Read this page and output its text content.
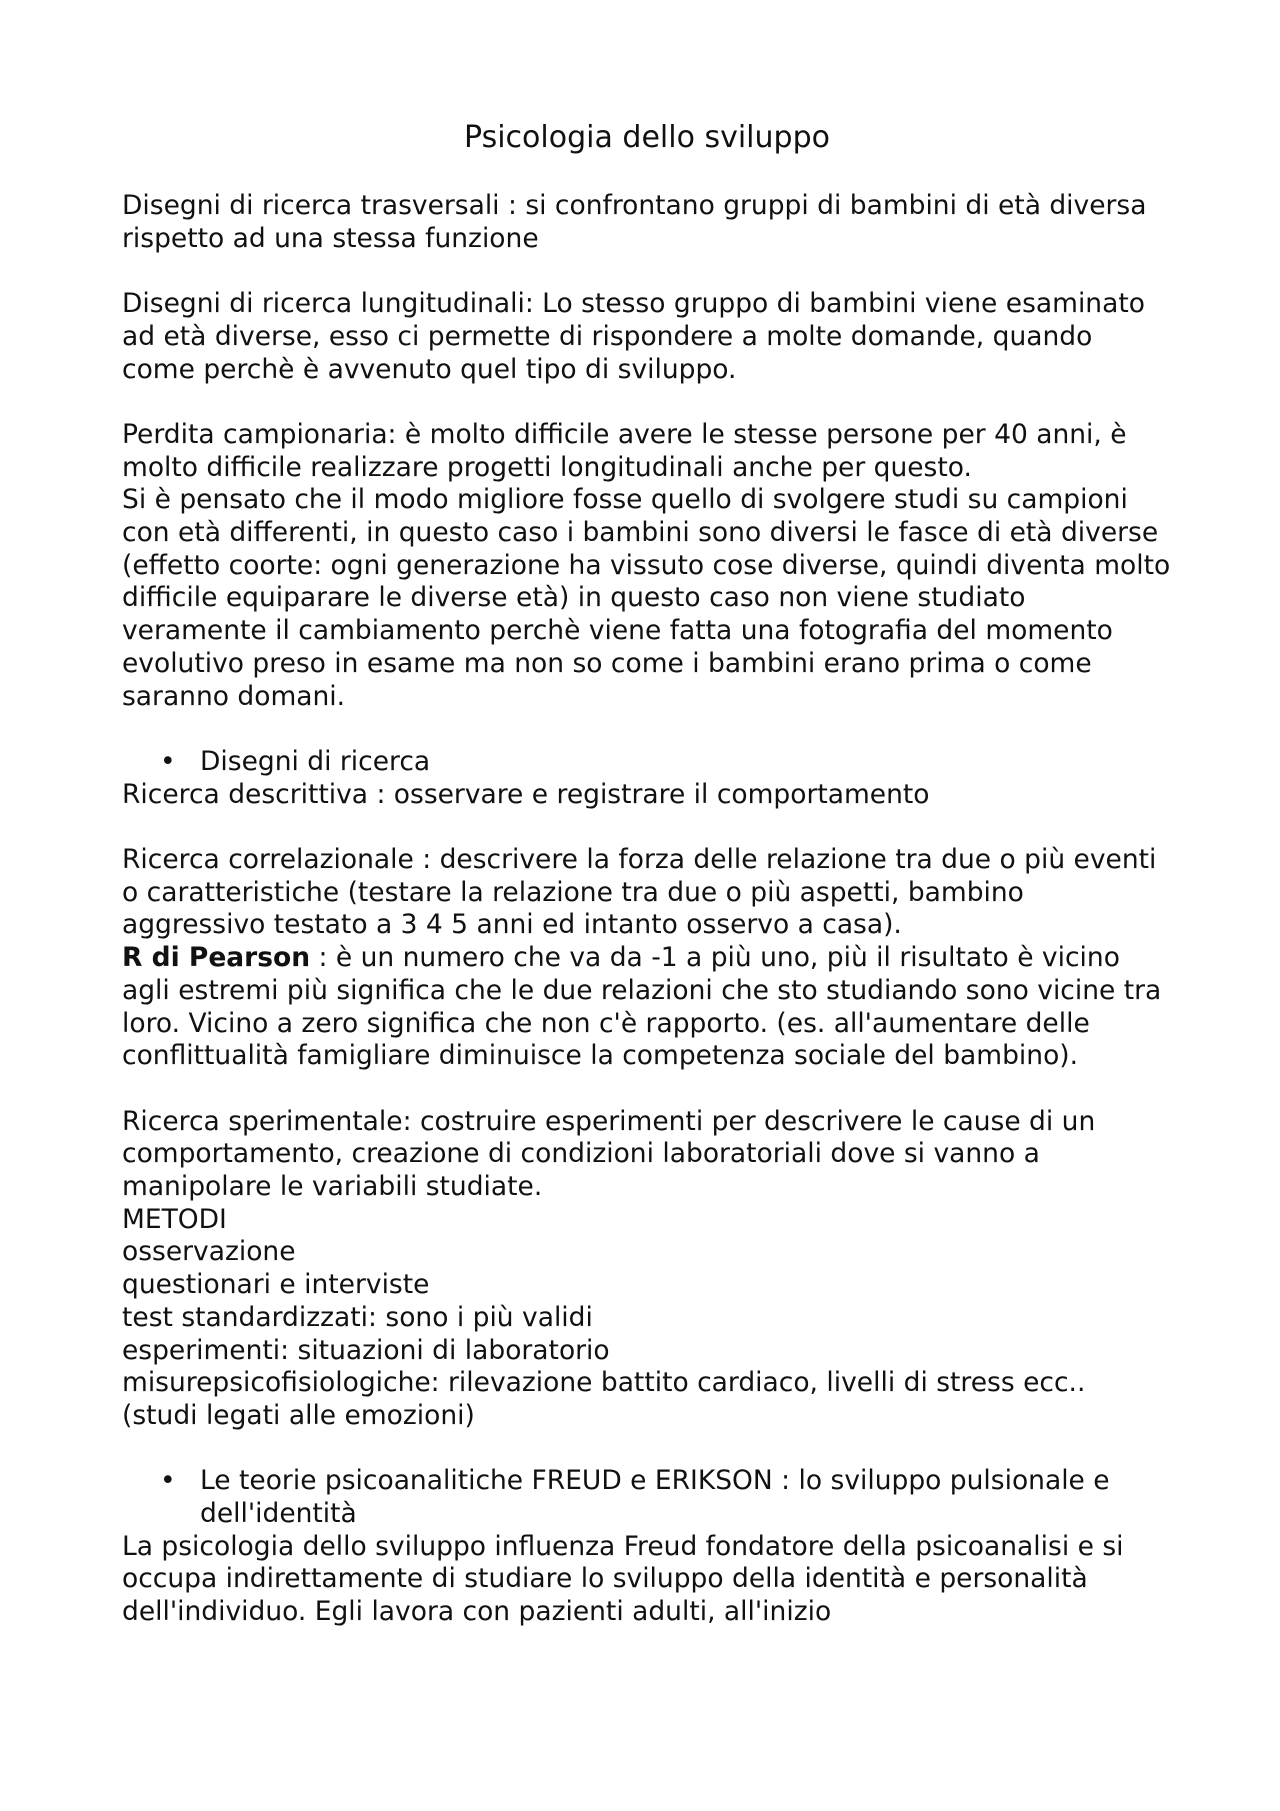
Psicologia dello sviluppo

Disegni di ricerca trasversali : si confrontano gruppi di bambini di età diversa rispetto ad una stessa funzione

Disegni di ricerca lungitudinali: Lo stesso gruppo di bambini viene esaminato ad età diverse, esso ci permette di rispondere a molte domande, quando come perchè è avvenuto quel tipo di sviluppo.

Perdita campionaria: è molto difficile avere le stesse persone per 40 anni, è molto difficile realizzare progetti longitudinali anche per questo.

Si è pensato che il modo migliore fosse quello di svolgere studi su campioni con età differenti, in questo caso i bambini sono diversi le fasce di età diverse (effetto coorte: ogni generazione ha vissuto cose diverse, quindi diventa molto difficile equiparare le diverse età) in questo caso non viene studiato veramente il cambiamento perchè viene fatta una fotografia del momento evolutivo preso in esame ma non so come i bambini erano prima o come saranno domani.

• Disegni di ricerca

Ricerca descrittiva : osservare e registrare il comportamento

Ricerca correlazionale : descrivere la forza delle relazione tra due o più eventi o caratteristiche (testare la relazione tra due o più aspetti, bambino aggressivo testato a 3 4 5 anni ed intanto osservo a casa).

R di Pearson : è un numero che va da -1 a più uno, più il risultato è vicino agli estremi più significa che le due relazioni che sto studiando sono vicine tra loro. Vicino a zero significa che non c'è rapporto. (es. all'aumentare delle conflittualità famigliare diminuisce la competenza sociale del bambino).

Ricerca sperimentale: costruire esperimenti per descrivere le cause di un comportamento, creazione di condizioni laboratoriali dove si vanno a manipolare le variabili studiate.

METODI
osservazione
questionari e interviste
test standardizzati: sono i più validi
esperimenti: situazioni di laboratorio
misurepsicofisiologiche: rilevazione battito cardiaco, livelli di stress ecc..
(studi legati alle emozioni)

• Le teorie psicoanalitiche FREUD e ERIKSON : lo sviluppo pulsionale e dell'identità

La psicologia dello sviluppo influenza Freud fondatore della psicoanalisi e si occupa indirettamente di studiare lo sviluppo della identità e personalità dell'individuo. Egli lavora con pazienti adulti, all'inizio
